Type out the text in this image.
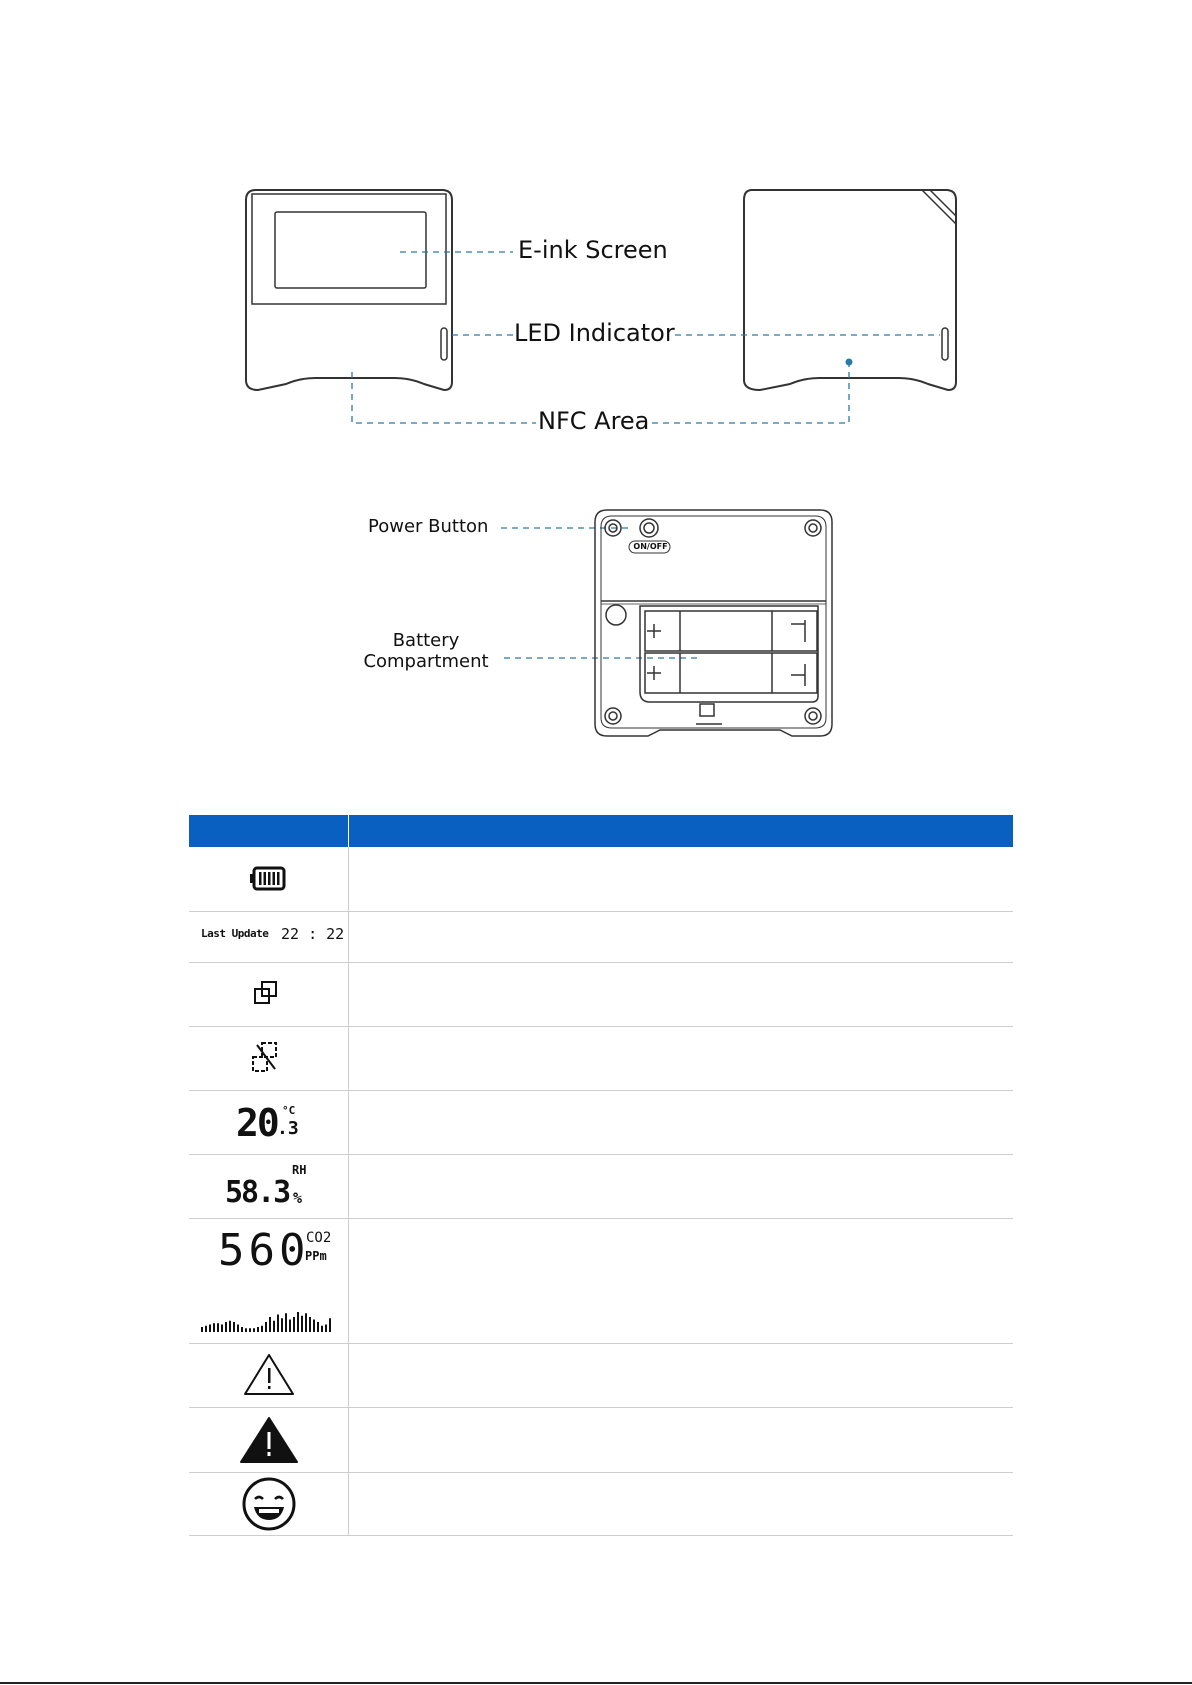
E-ink Screen
LED Indicator
NFC Area
Power Button
Battery
Compartment
ON/OFF
Last Update 22 : 22
20 °C
.3
58.3
RH
%
560
CO2
PPm
